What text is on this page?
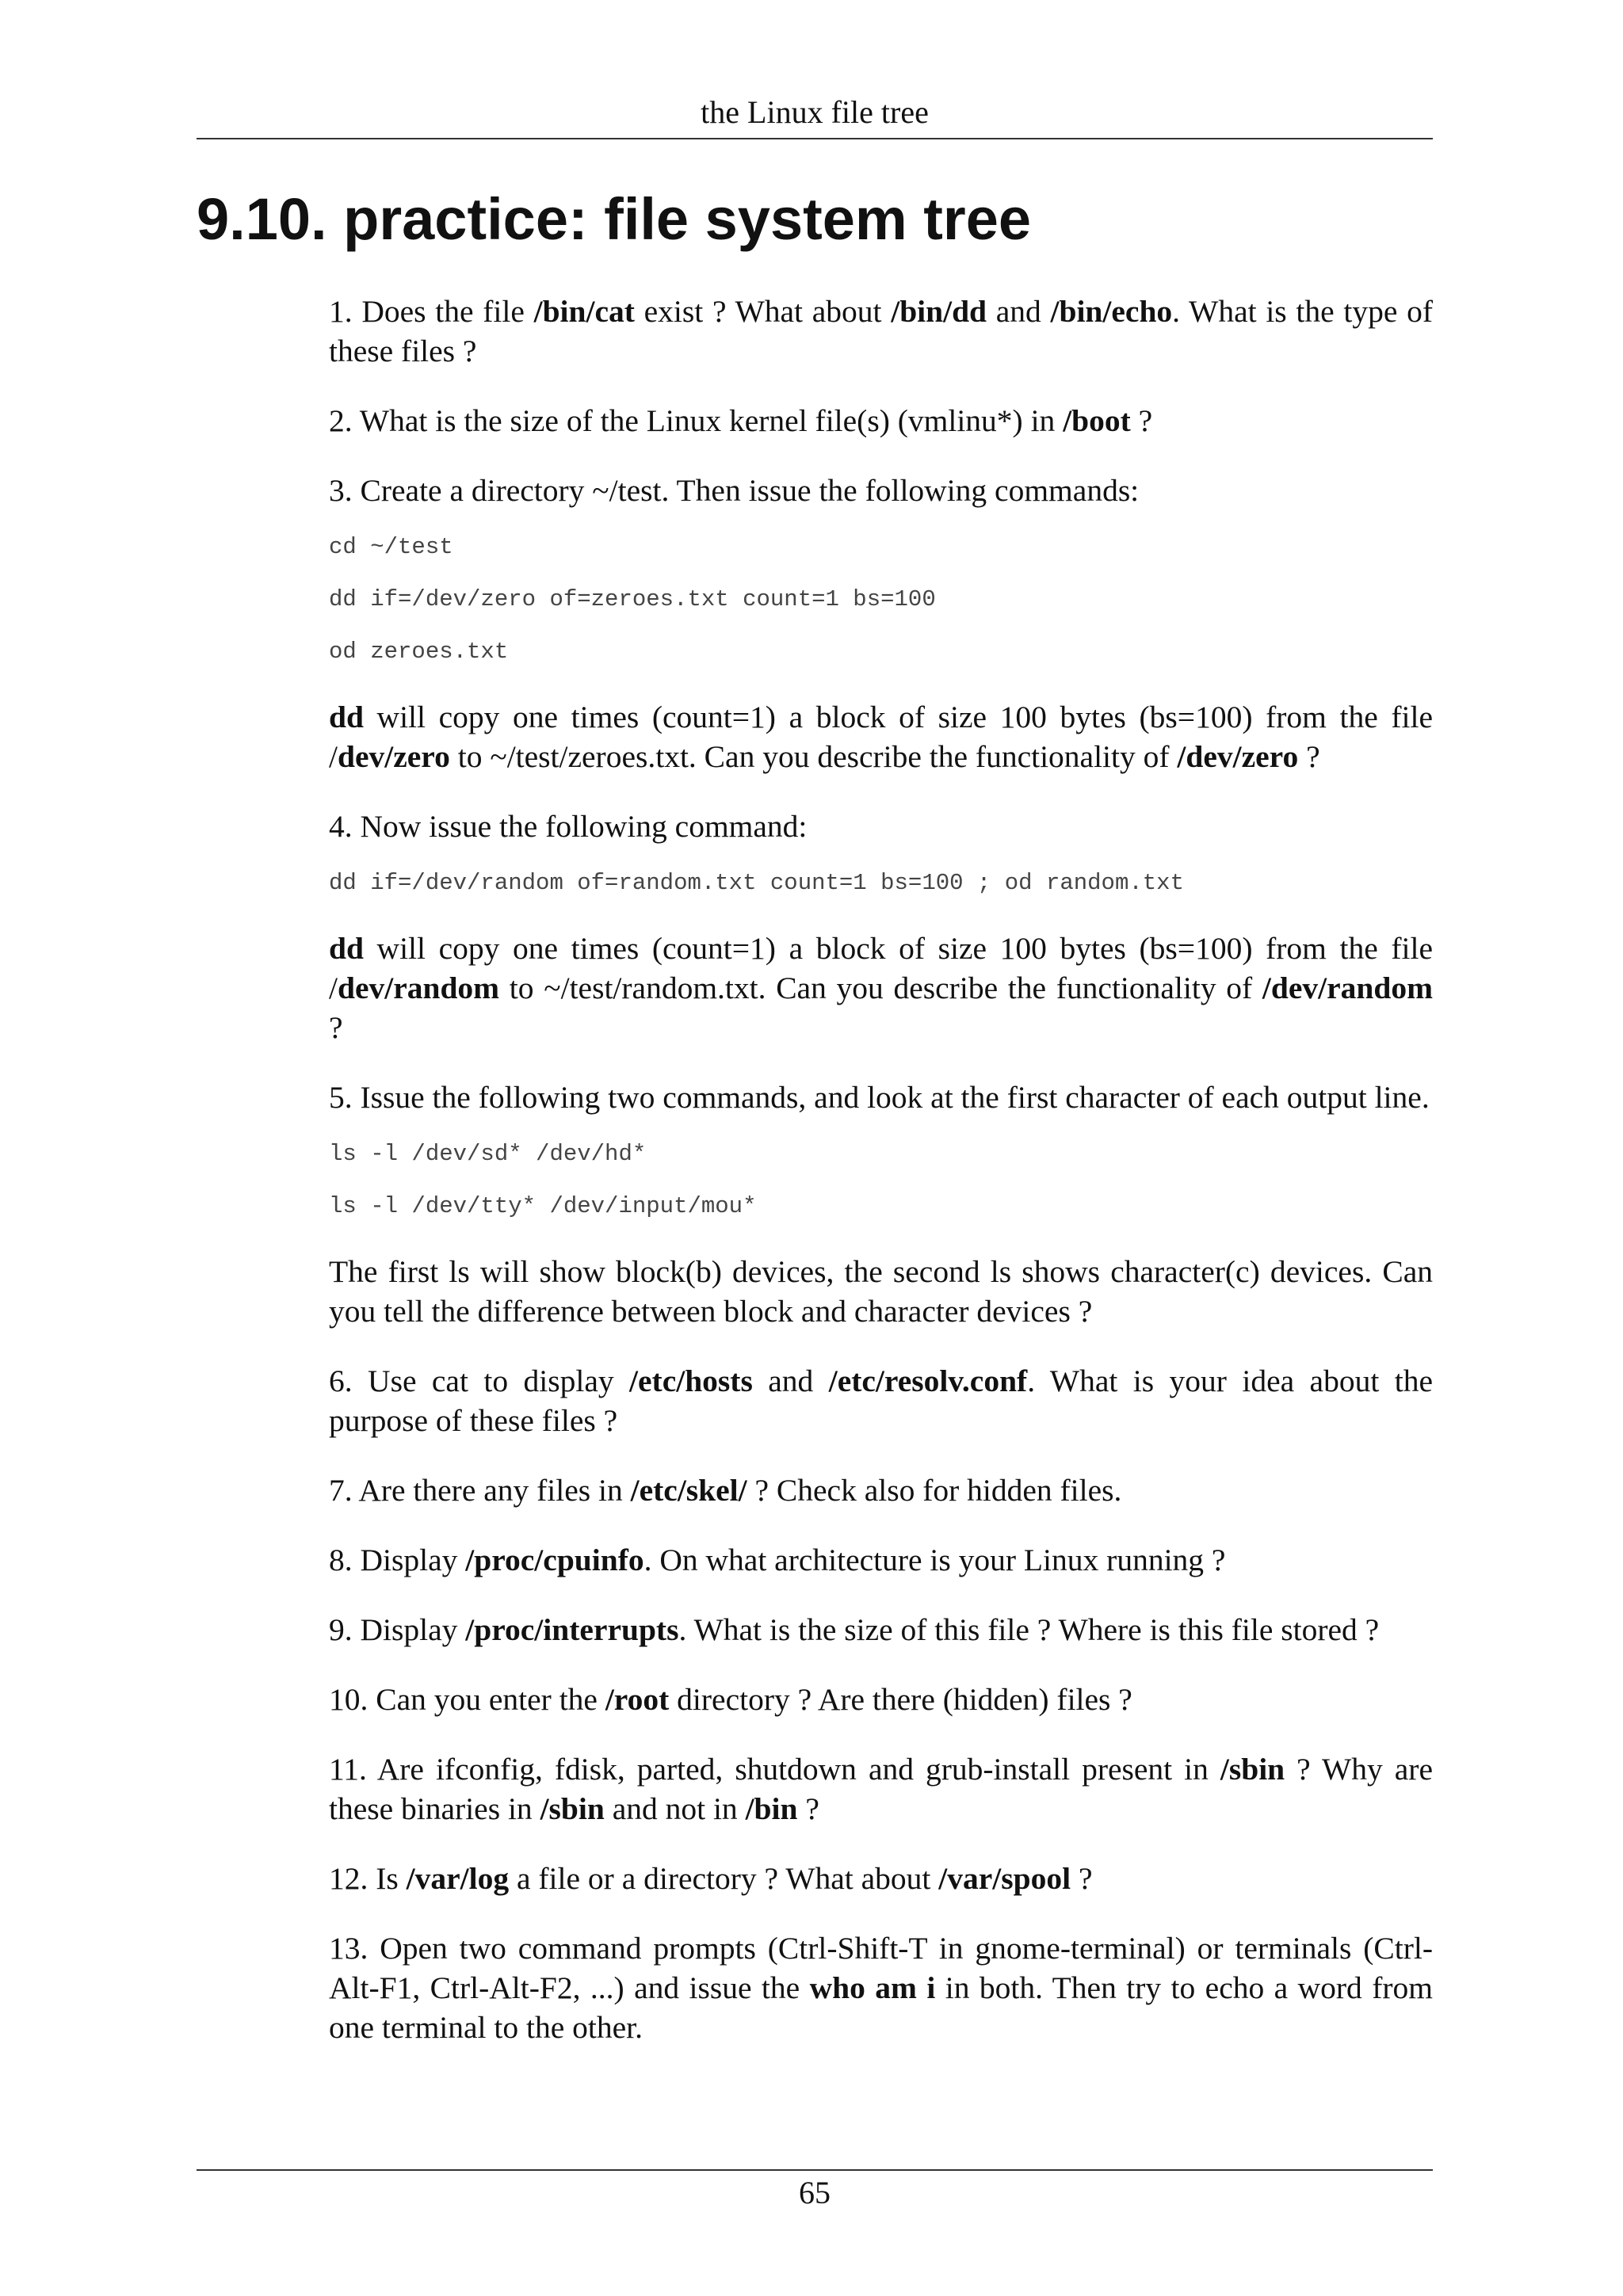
the Linux file tree
9.10. practice: file system tree

1. Does the file /bin/cat exist ? What about /bin/dd and /bin/echo. What is the type of these files ?

2. What is the size of the Linux kernel file(s) (vmlinu*) in /boot ?

3. Create a directory ~/test. Then issue the following commands:

cd ~/test
dd if=/dev/zero of=zeroes.txt count=1 bs=100
od zeroes.txt

dd will copy one times (count=1) a block of size 100 bytes (bs=100) from the file /dev/zero to ~/test/zeroes.txt. Can you describe the functionality of /dev/zero ?

4. Now issue the following command:

dd if=/dev/random of=random.txt count=1 bs=100 ; od random.txt

dd will copy one times (count=1) a block of size 100 bytes (bs=100) from the file /dev/random to ~/test/random.txt. Can you describe the functionality of /dev/random ?

5. Issue the following two commands, and look at the first character of each output line.

ls -l /dev/sd* /dev/hd*
ls -l /dev/tty* /dev/input/mou*

The first ls will show block(b) devices, the second ls shows character(c) devices. Can you tell the difference between block and character devices ?

6. Use cat to display /etc/hosts and /etc/resolv.conf. What is your idea about the purpose of these files ?

7. Are there any files in /etc/skel/ ? Check also for hidden files.

8. Display /proc/cpuinfo. On what architecture is your Linux running ?

9. Display /proc/interrupts. What is the size of this file ? Where is this file stored ?

10. Can you enter the /root directory ? Are there (hidden) files ?

11. Are ifconfig, fdisk, parted, shutdown and grub-install present in /sbin ? Why are these binaries in /sbin and not in /bin ?

12. Is /var/log a file or a directory ? What about /var/spool ?

13. Open two command prompts (Ctrl-Shift-T in gnome-terminal) or terminals (Ctrl-Alt-F1, Ctrl-Alt-F2, ...) and issue the who am i in both. Then try to echo a word from one terminal to the other.

65
